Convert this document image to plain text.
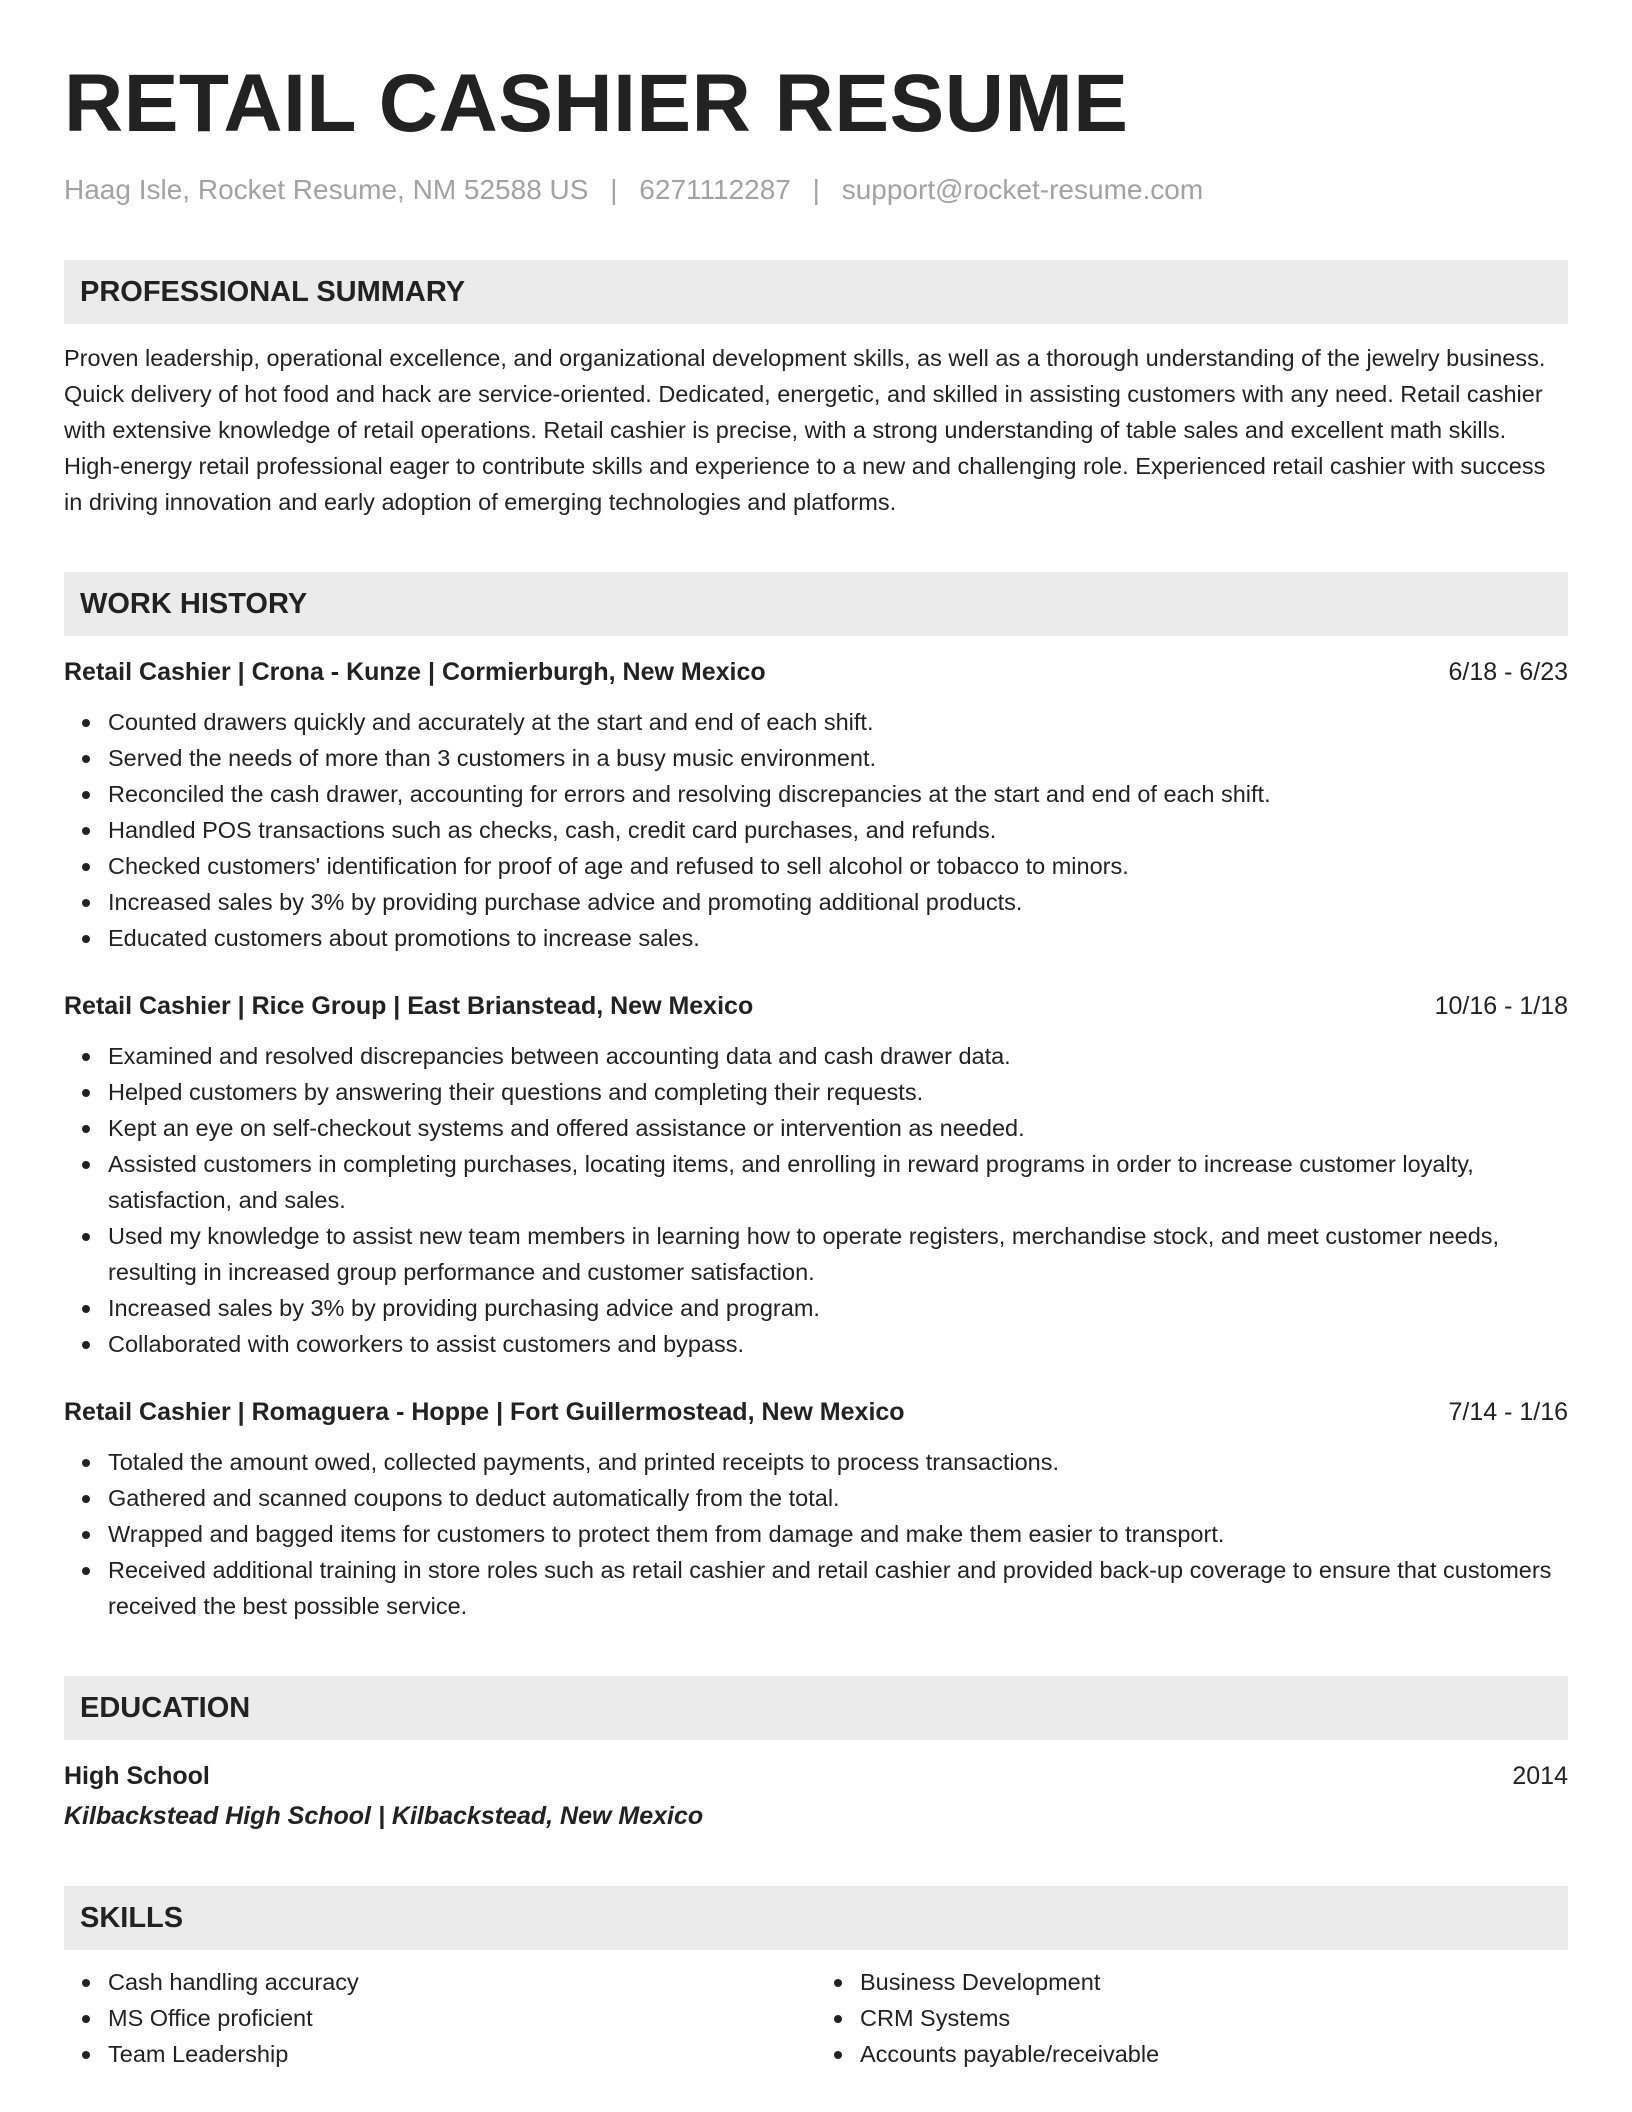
RETAIL CASHIER RESUME
Haag Isle, Rocket Resume, NM 52588 US | 6271112287 | support@rocket-resume.com
PROFESSIONAL SUMMARY
Proven leadership, operational excellence, and organizational development skills, as well as a thorough understanding of the jewelry business. Quick delivery of hot food and hack are service-oriented. Dedicated, energetic, and skilled in assisting customers with any need. Retail cashier with extensive knowledge of retail operations. Retail cashier is precise, with a strong understanding of table sales and excellent math skills. High-energy retail professional eager to contribute skills and experience to a new and challenging role. Experienced retail cashier with success in driving innovation and early adoption of emerging technologies and platforms.
WORK HISTORY
Retail Cashier | Crona - Kunze | Cormierburgh, New Mexico	6/18 - 6/23
Counted drawers quickly and accurately at the start and end of each shift.
Served the needs of more than 3 customers in a busy music environment.
Reconciled the cash drawer, accounting for errors and resolving discrepancies at the start and end of each shift.
Handled POS transactions such as checks, cash, credit card purchases, and refunds.
Checked customers' identification for proof of age and refused to sell alcohol or tobacco to minors.
Increased sales by 3% by providing purchase advice and promoting additional products.
Educated customers about promotions to increase sales.
Retail Cashier | Rice Group | East Brianstead, New Mexico	10/16 - 1/18
Examined and resolved discrepancies between accounting data and cash drawer data.
Helped customers by answering their questions and completing their requests.
Kept an eye on self-checkout systems and offered assistance or intervention as needed.
Assisted customers in completing purchases, locating items, and enrolling in reward programs in order to increase customer loyalty, satisfaction, and sales.
Used my knowledge to assist new team members in learning how to operate registers, merchandise stock, and meet customer needs, resulting in increased group performance and customer satisfaction.
Increased sales by 3% by providing purchasing advice and program.
Collaborated with coworkers to assist customers and bypass.
Retail Cashier | Romaguera - Hoppe | Fort Guillermostead, New Mexico	7/14 - 1/16
Totaled the amount owed, collected payments, and printed receipts to process transactions.
Gathered and scanned coupons to deduct automatically from the total.
Wrapped and bagged items for customers to protect them from damage and make them easier to transport.
Received additional training in store roles such as retail cashier and retail cashier and provided back-up coverage to ensure that customers received the best possible service.
EDUCATION
High School	2014
Kilbackstead High School | Kilbackstead, New Mexico
SKILLS
Cash handling accuracy
MS Office proficient
Team Leadership
Business Development
CRM Systems
Accounts payable/receivable
